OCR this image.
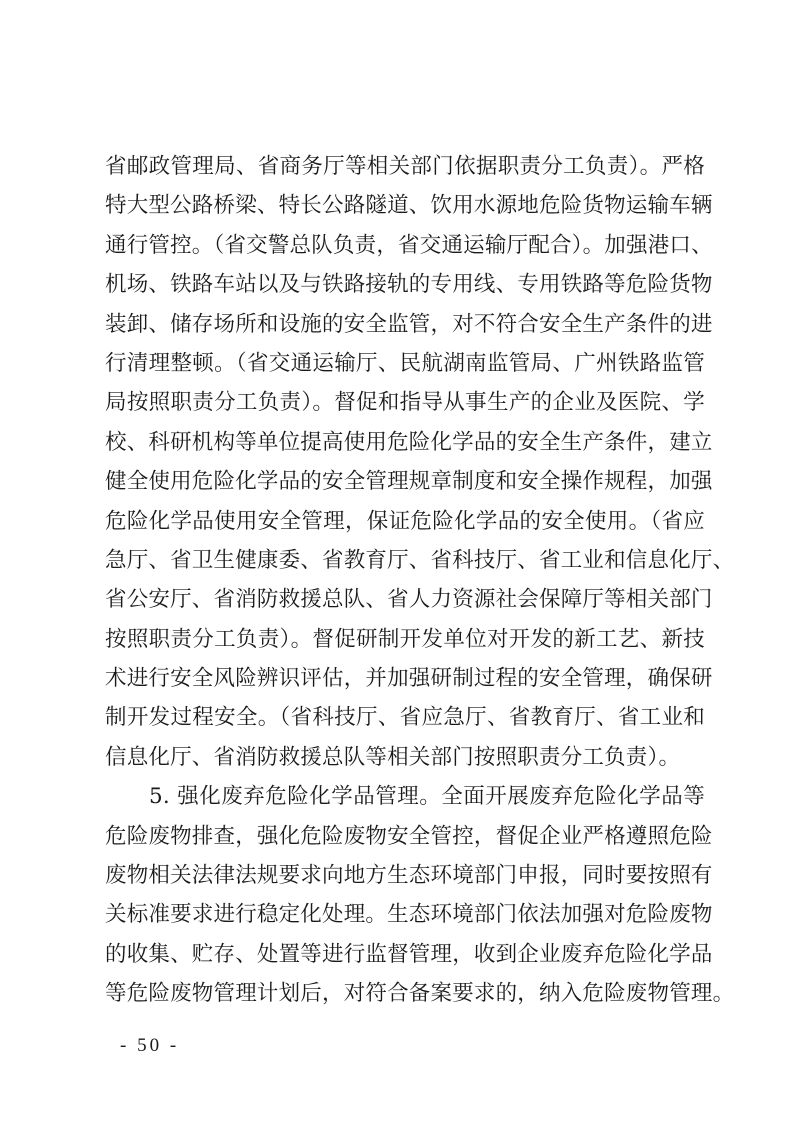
省邮政管理局、省商务厅等相关部门依据职责分工负责）。严格
特大型公路桥梁、特长公路隧道、饮用水源地危险货物运输车辆
通行管控。（省交警总队负责，省交通运输厅配合）。加强港口、
机场、铁路车站以及与铁路接轨的专用线、专用铁路等危险货物
装卸、储存场所和设施的安全监管，对不符合安全生产条件的进
行清理整顿。（省交通运输厅、民航湖南监管局、广州铁路监管
局按照职责分工负责）。督促和指导从事生产的企业及医院、学
校、科研机构等单位提高使用危险化学品的安全生产条件，建立
健全使用危险化学品的安全管理规章制度和安全操作规程，加强
危险化学品使用安全管理，保证危险化学品的安全使用。（省应
急厅、省卫生健康委、省教育厅、省科技厅、省工业和信息化厅、
省公安厅、省消防救援总队、省人力资源社会保障厅等相关部门
按照职责分工负责）。督促研制开发单位对开发的新工艺、新技
术进行安全风险辨识评估，并加强研制过程的安全管理，确保研
制开发过程安全。（省科技厅、省应急厅、省教育厅、省工业和
信息化厅、省消防救援总队等相关部门按照职责分工负责）。
5. 强化废弃危险化学品管理。全面开展废弃危险化学品等
危险废物排查，强化危险废物安全管控，督促企业严格遵照危险
废物相关法律法规要求向地方生态环境部门申报，同时要按照有
关标准要求进行稳定化处理。生态环境部门依法加强对危险废物
的收集、贮存、处置等进行监督管理，收到企业废弃危险化学品
等危险废物管理计划后，对符合备案要求的，纳入危险废物管理。
- 50 -
